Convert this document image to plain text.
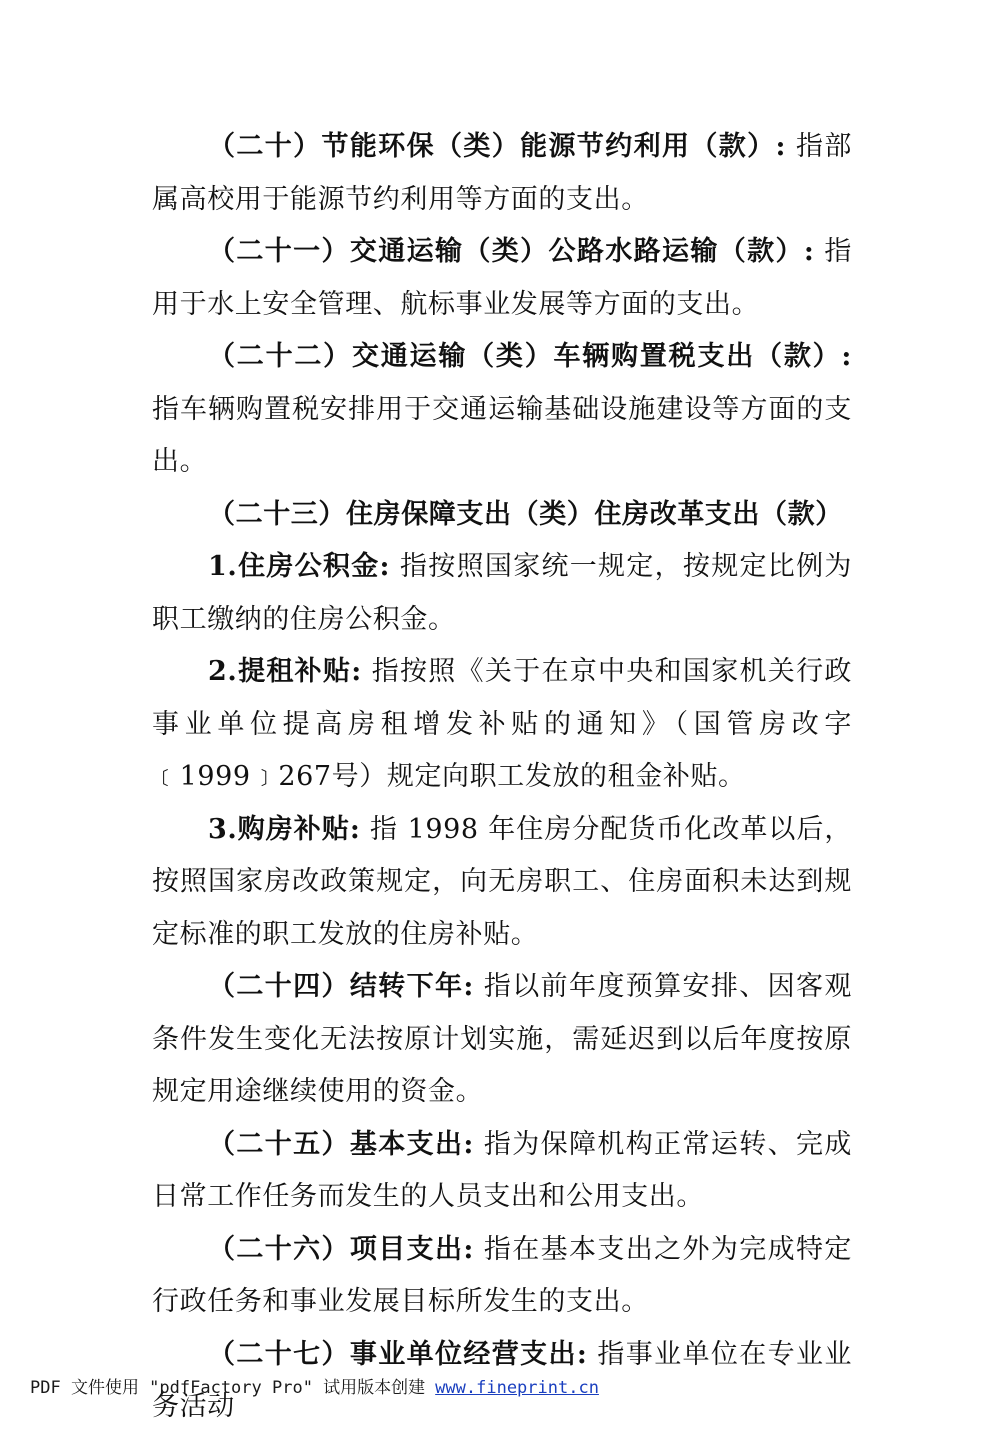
（二十）节能环保（类）能源节约利用（款）: 指部属高校用于能源节约利用等方面的支出。

（二十一）交通运输（类）公路水路运输（款）: 指用于水上安全管理、航标事业发展等方面的支出。

（二十二）交通运输（类）车辆购置税支出（款）: 指车辆购置税安排用于交通运输基础设施建设等方面的支出。

（二十三）住房保障支出（类）住房改革支出（款）

1.住房公积金: 指按照国家统一规定，按规定比例为职工缴纳的住房公积金。

2.提租补贴: 指按照《关于在京中央和国家机关行政事业单位提高房租增发补贴的通知》（国管房改字﹝1999﹞267号）规定向职工发放的租金补贴。

3.购房补贴: 指 1998 年住房分配货币化改革以后，按照国家房改政策规定，向无房职工、住房面积未达到规定标准的职工发放的住房补贴。

（二十四）结转下年: 指以前年度预算安排、因客观条件发生变化无法按原计划实施，需延迟到以后年度按原规定用途继续使用的资金。

（二十五）基本支出: 指为保障机构正常运转、完成日常工作任务而发生的人员支出和公用支出。

（二十六）项目支出: 指在基本支出之外为完成特定行政任务和事业发展目标所发生的支出。

（二十七）事业单位经营支出: 指事业单位在专业业务活动

PDF 文件使用 "pdfFactory Pro" 试用版本创建 www.fineprint.cn
